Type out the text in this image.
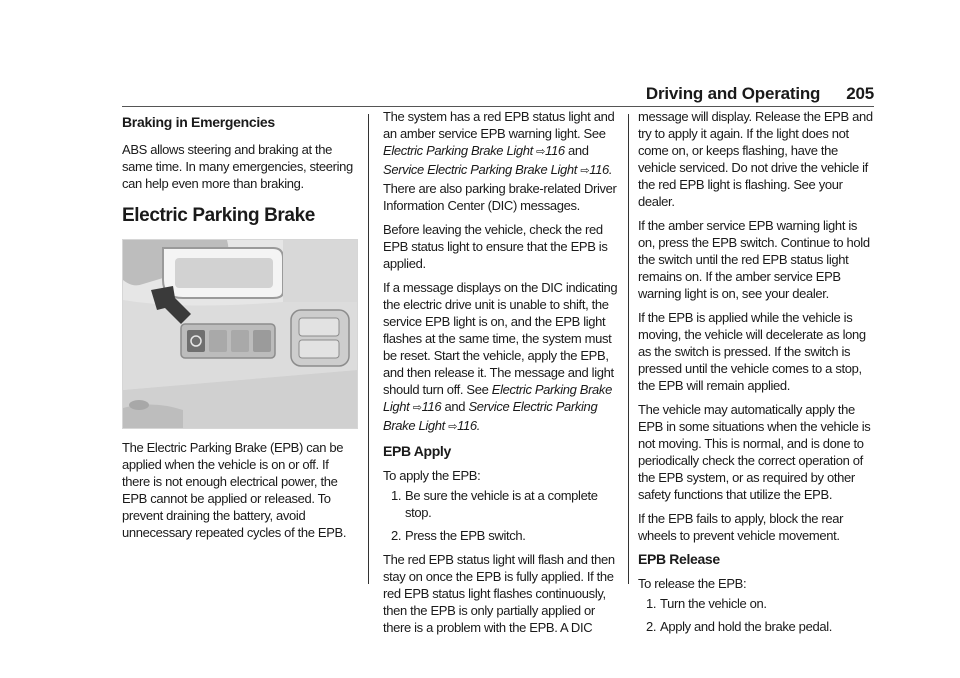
Driving and Operating 205
Braking in Emergencies

ABS allows steering and braking at the same time. In many emergencies, steering can help even more than braking.

Electric Parking Brake

The Electric Parking Brake (EPB) can be applied when the vehicle is on or off. If there is not enough electrical power, the EPB cannot be applied or released. To prevent draining the battery, avoid unnecessary repeated cycles of the EPB.

The system has a red EPB status light and an amber service EPB warning light. See Electric Parking Brake Light ⇨116 and Service Electric Parking Brake Light ⇨116. There are also parking brake-related Driver Information Center (DIC) messages.

Before leaving the vehicle, check the red EPB status light to ensure that the EPB is applied.

If a message displays on the DIC indicating the electric drive unit is unable to shift, the service EPB light is on, and the EPB light flashes at the same time, the system must be reset. Start the vehicle, apply the EPB, and then release it. The message and light should turn off. See Electric Parking Brake Light ⇨116 and Service Electric Parking Brake Light ⇨116.

EPB Apply

To apply the EPB:

1. Be sure the vehicle is at a complete stop.
2. Press the EPB switch.

The red EPB status light will flash and then stay on once the EPB is fully applied. If the red EPB status light flashes continuously, then the EPB is only partially applied or there is a problem with the EPB. A DIC

message will display. Release the EPB and try to apply it again. If the light does not come on, or keeps flashing, have the vehicle serviced. Do not drive the vehicle if the red EPB light is flashing. See your dealer.

If the amber service EPB warning light is on, press the EPB switch. Continue to hold the switch until the red EPB status light remains on. If the amber service EPB warning light is on, see your dealer.

If the EPB is applied while the vehicle is moving, the vehicle will decelerate as long as the switch is pressed. If the switch is pressed until the vehicle comes to a stop, the EPB will remain applied.

The vehicle may automatically apply the EPB in some situations when the vehicle is not moving. This is normal, and is done to periodically check the correct operation of the EPB system, or as required by other safety functions that utilize the EPB.

If the EPB fails to apply, block the rear wheels to prevent vehicle movement.

EPB Release

To release the EPB:

1. Turn the vehicle on.
2. Apply and hold the brake pedal.
